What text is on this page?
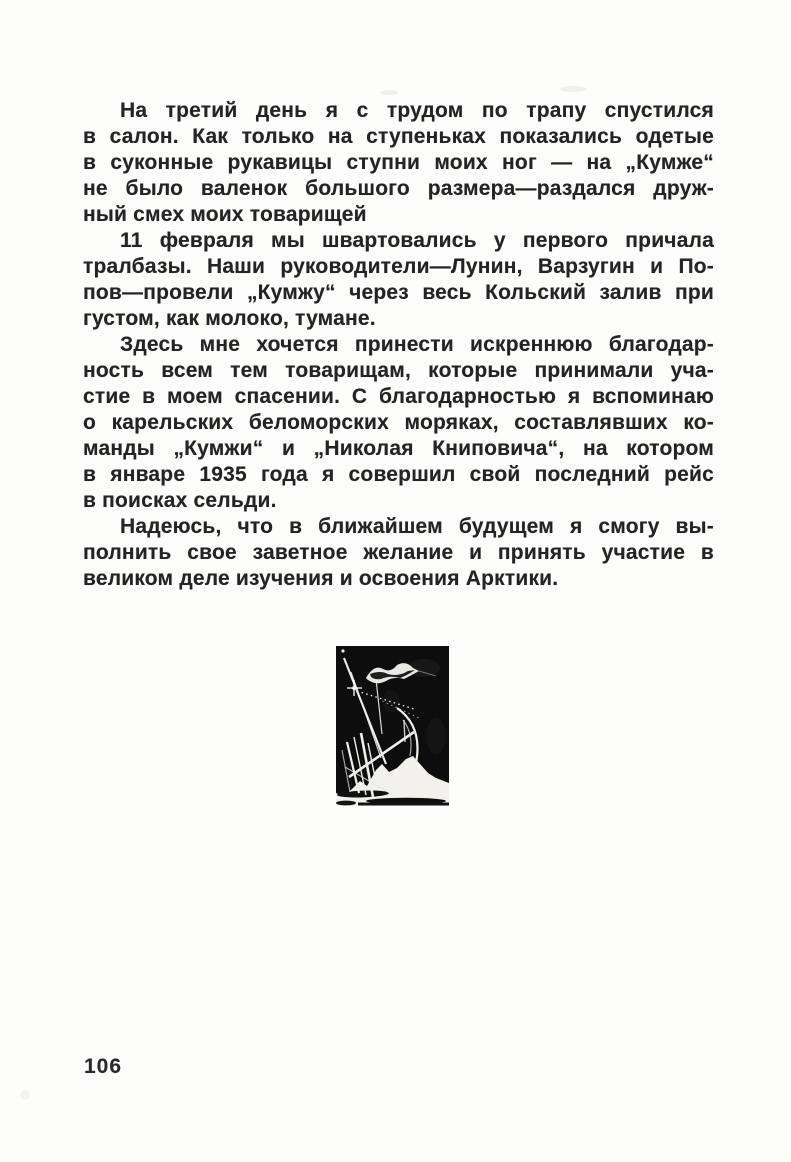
На третий день я с трудом по трапу спустился
в салон. Как только на ступеньках показались одетые
в суконные рукавицы ступни моих ног — на „Кумже“
не было валенок большого размера—раздался друж-
ный смех моих товарищей
11 февраля мы швартовались у первого причала
тралбазы. Наши руководители—Лунин, Варзугин и По-
пов—провели „Кумжу“ через весь Кольский залив при
густом, как молоко, тумане.
Здесь мне хочется принести искреннюю благодар-
ность всем тем товарищам, которые принимали уча-
стие в моем спасении. С благодарностью я вспоминаю
о карельских беломорских моряках, составлявших ко-
манды „Кумжи“ и „Николая Книповича“, на котором
в январе 1935 года я совершил свой последний рейс
в поисках сельди.
Надеюсь, что в ближайшем будущем я смогу вы-
полнить свое заветное желание и принять участие в
великом деле изучения и освоения Арктики.
106
